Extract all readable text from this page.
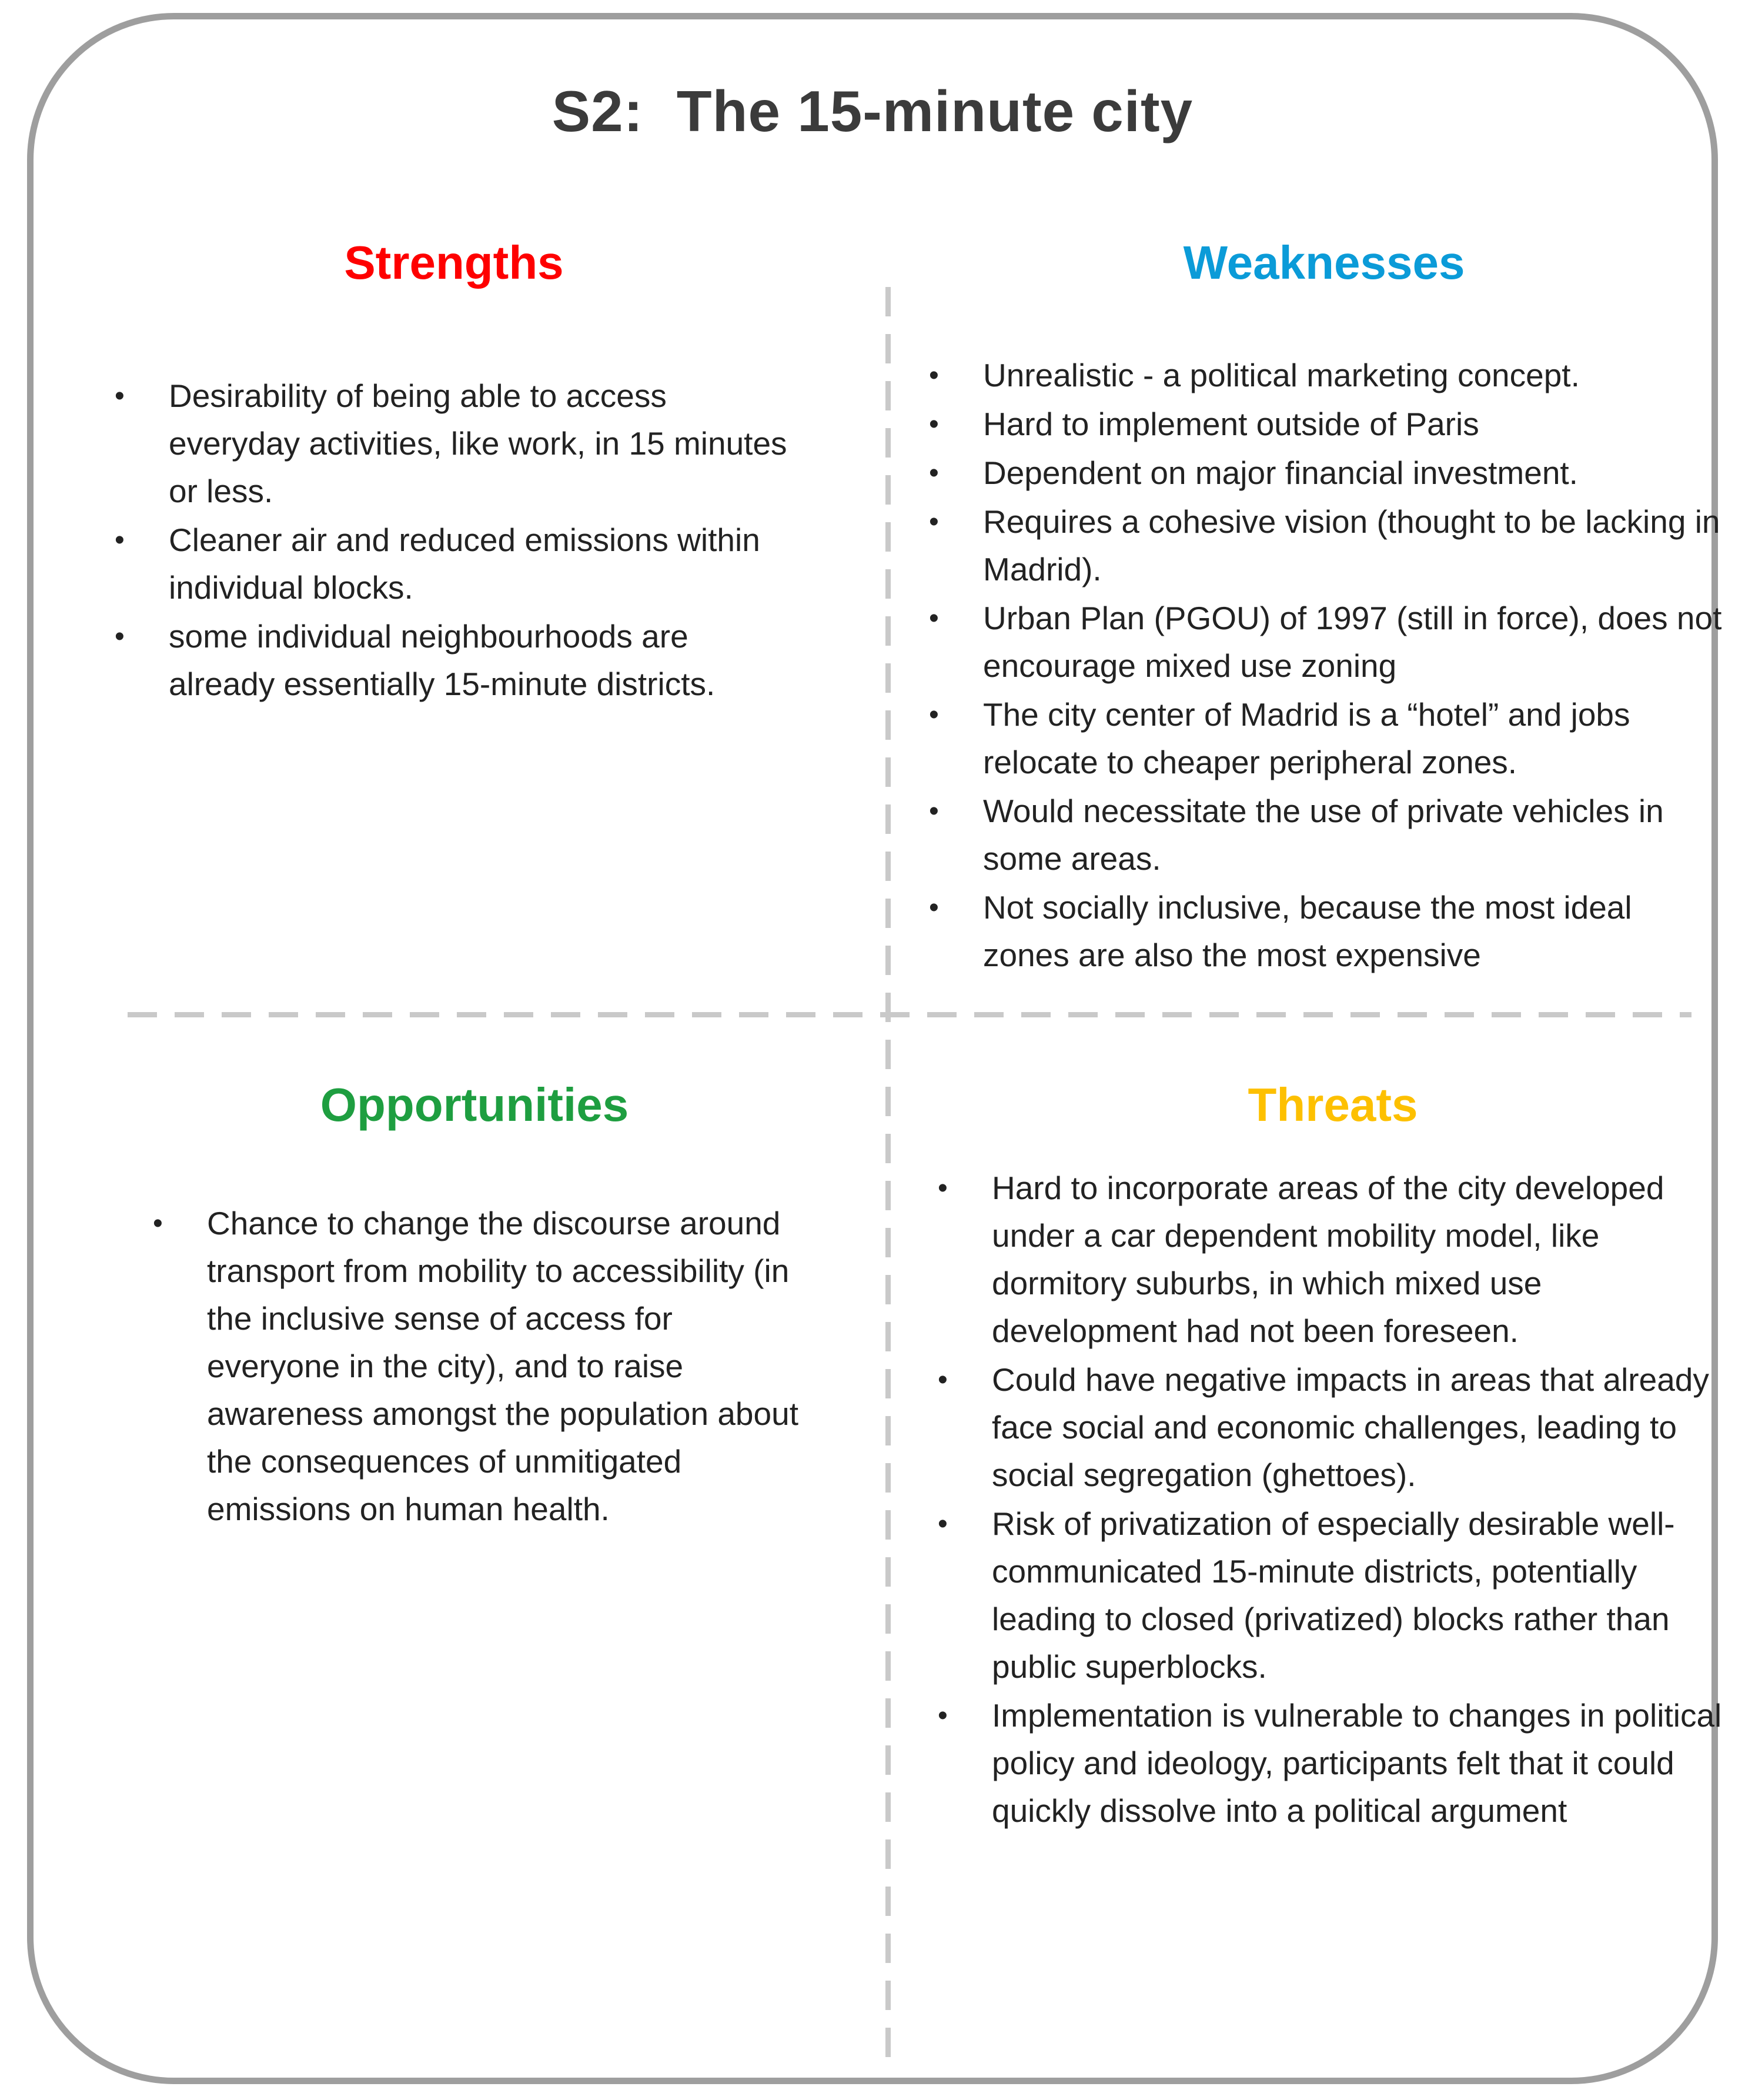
S2:  The 15-minute city
Strengths
• Desirability of being able to access everyday activities, like work, in 15 minutes or less.
• Cleaner air and reduced emissions within individual blocks.
• some individual neighbourhoods are already essentially 15-minute districts.
Weaknesses
• Unrealistic - a political marketing concept.
• Hard to implement outside of Paris
• Dependent on major financial investment.
• Requires a cohesive vision (thought to be lacking in Madrid).
• Urban Plan (PGOU) of 1997 (still in force), does not encourage mixed use zoning
• The city center of Madrid is a “hotel” and jobs relocate to cheaper peripheral zones.
• Would necessitate the use of private vehicles in some areas.
• Not socially inclusive, because the most ideal zones are also the most expensive
Opportunities
• Chance to change the discourse around transport from mobility to accessibility (in the inclusive sense of access for everyone in the city), and to raise awareness amongst the population about the consequences of unmitigated emissions on human health.
Threats
• Hard to incorporate areas of the city developed under a car dependent mobility model, like dormitory suburbs, in which mixed use development had not been foreseen.
• Could have negative impacts in areas that already face social and economic challenges, leading to social segregation (ghettoes).
• Risk of privatization of especially desirable well-communicated 15-minute districts, potentially leading to closed (privatized) blocks rather than public superblocks.
• Implementation is vulnerable to changes in political policy and ideology, participants felt that it could quickly dissolve into a political argument
